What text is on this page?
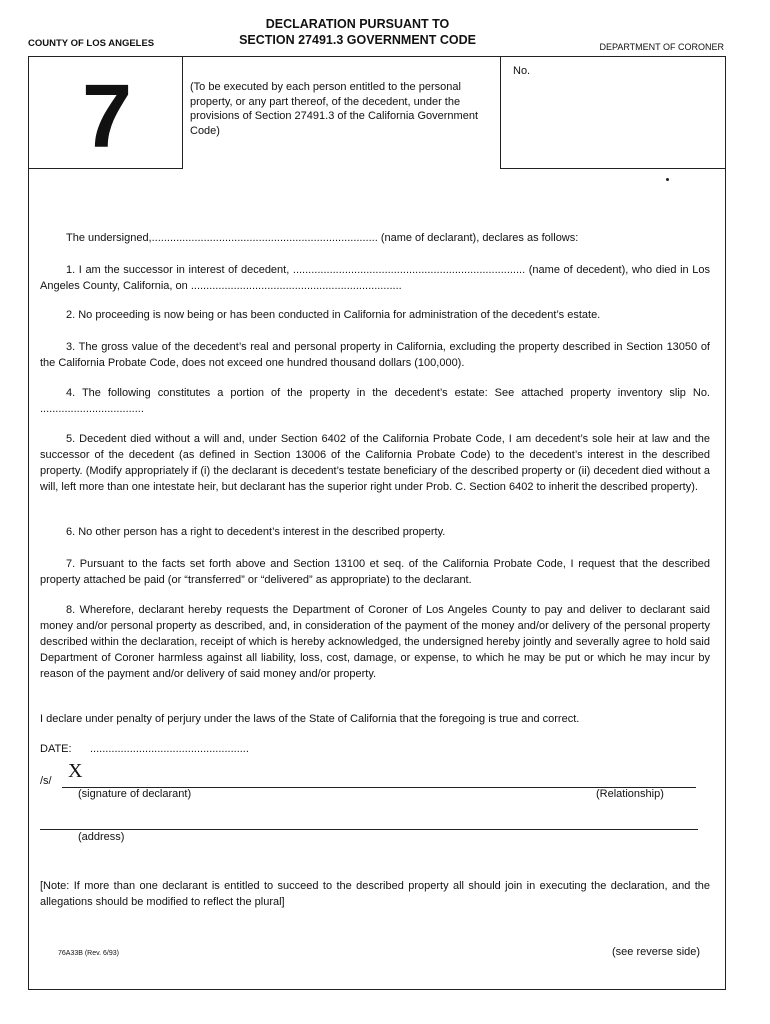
COUNTY OF LOS ANGELES
DECLARATION PURSUANT TO
SECTION 27491.3 GOVERNMENT CODE	DEPARTMENT OF CORONER
7	(To be executed by each person entitled to the personal property, or any part thereof, of the decedent, under the provisions of Section 27491.3 of the California Government Code)
No.
The undersigned,.......................................................................... (name of declarant), declares as follows:
1. I am the successor in interest of decedent, ............................................................................ (name of decedent), who died in Los Angeles County, California, on .....................................................................
2. No proceeding is now being or has been conducted in California for administration of the decedent’s estate.
3. The gross value of the decedent’s real and personal property in California, excluding the property described in Section 13050 of the California Probate Code, does not exceed one hundred thousand dollars (100,000).
4. The following constitutes a portion of the property in the decedent’s estate: See attached property inventory slip No. ..................................
5. Decedent died without a will and, under Section 6402 of the California Probate Code, I am decedent’s sole heir at law and the successor of the decedent (as defined in Section 13006 of the California Probate Code) to the decedent’s interest in the described property. (Modify appropriately if (i) the declarant is decedent’s testate beneficiary of the described property or (ii) decedent died without a will, left more than one intestate heir, but declarant has the superior right under Prob. C. Section 6402 to inherit the described property).
6. No other person has a right to decedent’s interest in the described property.
7. Pursuant to the facts set forth above and Section 13100 et seq. of the California Probate Code, I request that the described property attached be paid (or “transferred” or “delivered” as appropriate) to the declarant.
8. Wherefore, declarant hereby requests the Department of Coroner of Los Angeles County to pay and deliver to declarant said money and/or personal property as described, and, in consideration of the payment of the money and/or delivery of the personal property described within the declaration, receipt of which is hereby acknowledged, the undersigned hereby jointly and severally agree to hold said Department of Coroner harmless against all liability, loss, cost, damage, or expense, to which he may be put or which he may incur by reason of the payment and/or delivery of said money and/or property.
I declare under penalty of perjury under the laws of the State of California that the foregoing is true and correct.
DATE: ....................................................
/s/ X
(signature of declarant)	(Relationship)
(address)
[Note: If more than one declarant is entitled to succeed to the described property all should join in executing the declaration, and the allegations should be modified to reflect the plural]
76A33B (Rev. 6/93)	(see reverse side)
